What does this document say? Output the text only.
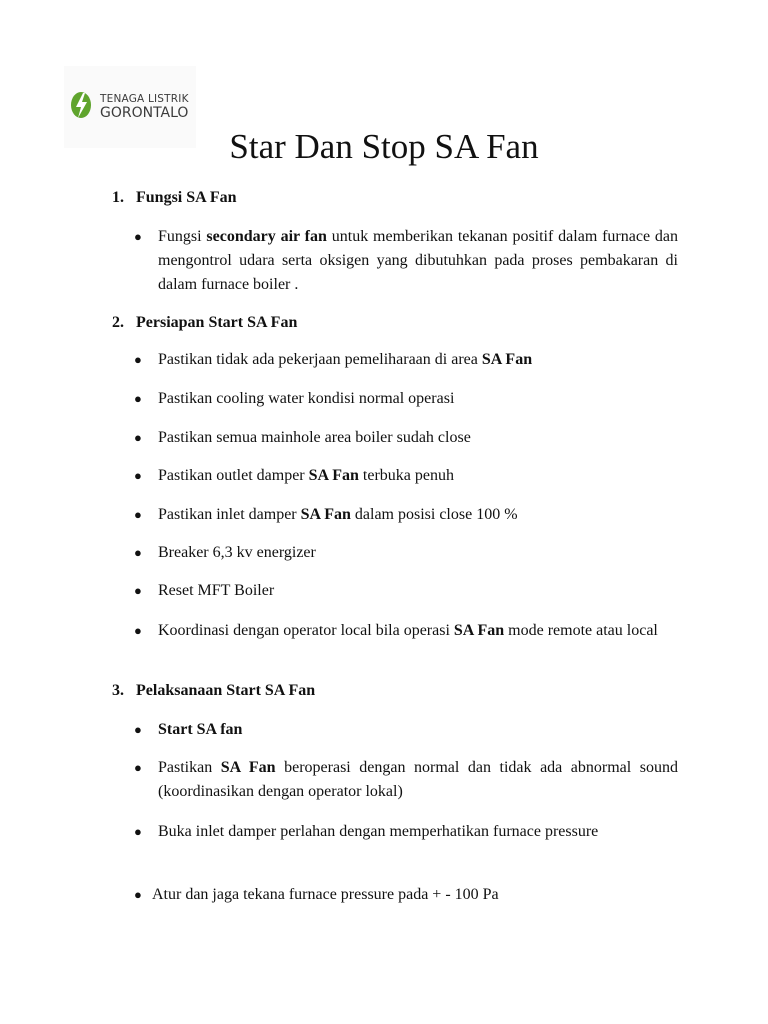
TENAGA LISTRIK
GORONTALO
Star Dan Stop SA Fan
1. Fungsi SA Fan
● Fungsi secondary air fan untuk memberikan tekanan positif dalam furnace dan mengontrol udara serta oksigen yang dibutuhkan pada proses pembakaran di dalam furnace boiler .
2. Persiapan Start SA Fan
● Pastikan tidak ada pekerjaan pemeliharaan di area SA Fan
● Pastikan cooling water kondisi normal operasi
● Pastikan semua mainhole area boiler sudah close
● Pastikan outlet damper SA Fan terbuka penuh
● Pastikan inlet damper SA Fan dalam posisi close 100 %
● Breaker 6,3 kv energizer
● Reset MFT Boiler
● Koordinasi dengan operator local bila operasi SA Fan mode remote atau local
3. Pelaksanaan Start SA Fan
● Start SA fan
● Pastikan SA Fan beroperasi dengan normal dan tidak ada abnormal sound (koordinasikan dengan operator lokal)
● Buka inlet damper perlahan dengan memperhatikan furnace pressure
● Atur dan jaga tekana furnace pressure pada + - 100 Pa
